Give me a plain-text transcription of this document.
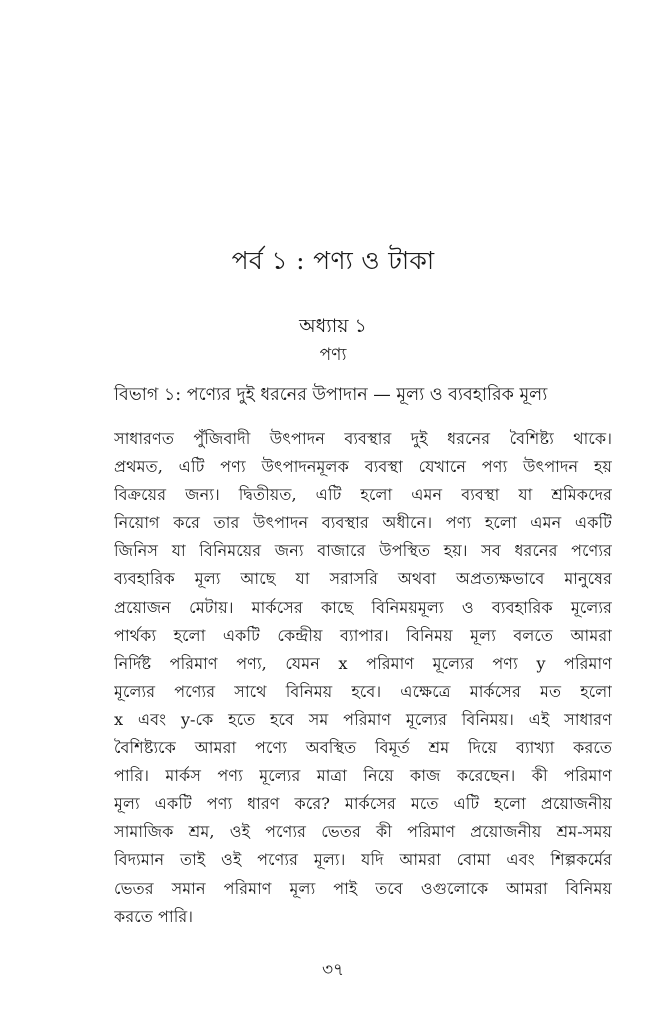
পর্ব ১ : পণ্য ও টাকা
অধ্যায় ১
পণ্য
বিভাগ ১: পণ্যের দুই ধরনের উপাদান — মূল্য ও ব্যবহারিক মূল্য
সাধারণত পুঁজিবাদী উৎপাদন ব্যবস্থার দুই ধরনের বৈশিষ্ট্য থাকে।
প্রথমত, এটি পণ্য উৎপাদনমূলক ব্যবস্থা যেখানে পণ্য উৎপাদন হয়
বিক্রয়ের জন্য। দ্বিতীয়ত, এটি হলো এমন ব্যবস্থা যা শ্রমিকদের
নিয়োগ করে তার উৎপাদন ব্যবস্থার অধীনে। পণ্য হলো এমন একটি
জিনিস যা বিনিময়ের জন্য বাজারে উপস্থিত হয়। সব ধরনের পণ্যের
ব্যবহারিক মূল্য আছে যা সরাসরি অথবা অপ্রত্যক্ষভাবে মানুষের
প্রয়োজন মেটায়। মার্কসের কাছে বিনিময়মূল্য ও ব্যবহারিক মূল্যের
পার্থক্য হলো একটি কেন্দ্রীয় ব্যাপার। বিনিময় মূল্য বলতে আমরা
নির্দিষ্ট পরিমাণ পণ্য, যেমন x পরিমাণ মূল্যের পণ্য y পরিমাণ
মূল্যের পণ্যের সাথে বিনিময় হবে। এক্ষেত্রে মার্কসের মত হলো
x এবং y-কে হতে হবে সম পরিমাণ মূল্যের বিনিময়। এই সাধারণ
বৈশিষ্ট্যকে আমরা পণ্যে অবস্থিত বিমূর্ত শ্রম দিয়ে ব্যাখ্যা করতে
পারি। মার্কস পণ্য মূল্যের মাত্রা নিয়ে কাজ করেছেন। কী পরিমাণ
মূল্য একটি পণ্য ধারণ করে? মার্কসের মতে এটি হলো প্রয়োজনীয়
সামাজিক শ্রম, ওই পণ্যের ভেতর কী পরিমাণ প্রয়োজনীয় শ্রম-সময়
বিদ্যমান তাই ওই পণ্যের মূল্য। যদি আমরা বোমা এবং শিল্পকর্মের
ভেতর সমান পরিমাণ মূল্য পাই তবে ওগুলোকে আমরা বিনিময়
করতে পারি।
৩৭
